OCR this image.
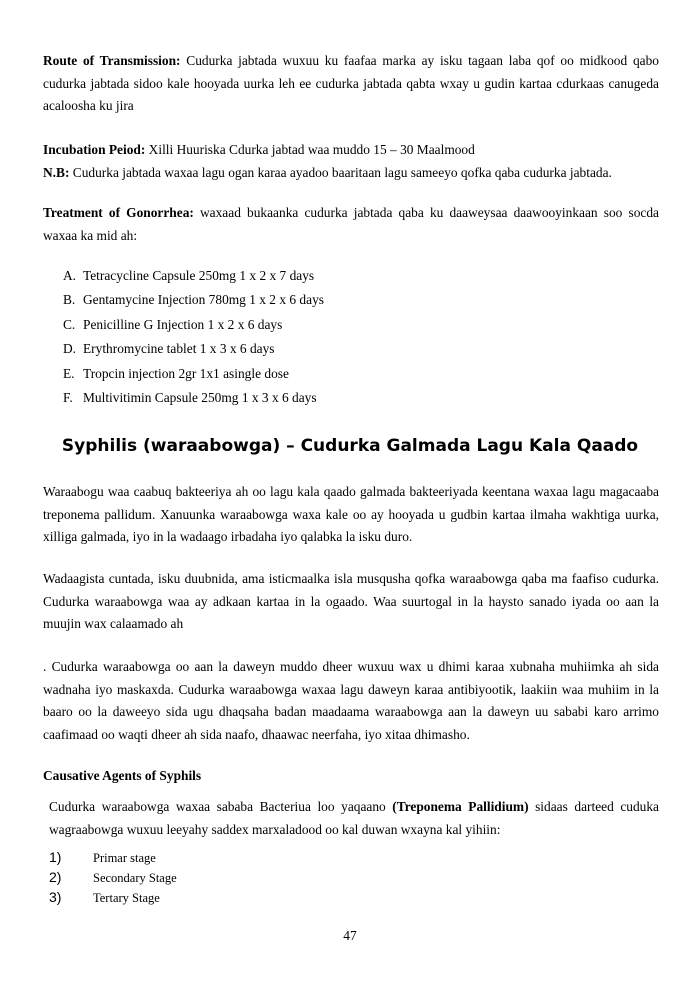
Route of Transmission: Cudurka jabtada wuxuu ku faafaa marka ay isku tagaan laba qof oo midkood qabo cudurka jabtada sidoo kale hooyada uurka leh ee cudurka jabtada qabta wxay u gudin kartaa cdurkaas canugeda acaloosha ku jira

Incubation Peiod: Xilli Huuriska Cdurka jabtad waa muddo 15 – 30 Maalmood

N.B: Cudurka jabtada waxaa lagu ogan karaa ayadoo baaritaan lagu sameeyo qofka qaba cudurka jabtada.

Treatment of Gonorrhea: waxaad bukaanka cudurka jabtada qaba ku daaweysaa daawooyinkaan soo socda waxaa ka mid ah:

A. Tetracycline Capsule 250mg 1 x 2 x 7 days
B. Gentamycine Injection 780mg 1 x 2 x 6 days
C. Penicilline G Injection 1 x 2 x 6 days
D. Erythromycine tablet 1 x 3 x 6 days
E. Tropcin injection 2gr 1x1 asingle dose
F. Multivitimin Capsule 250mg 1 x 3 x 6 days
Syphilis (waraabowga) – Cudurka Galmada Lagu Kala Qaado

Waraabogu waa caabuq bakteeriya ah oo lagu kala qaado galmada bakteeriyada keentana waxaa lagu magacaaba treponema pallidum. Xanuunka waraabowga waxa kale oo ay hooyada u gudbin kartaa ilmaha wakhtiga uurka, xilliga galmada, iyo in la wadaago irbadaha iyo qalabka la isku duro.

Wadaagista cuntada, isku duubnida, ama isticmaalka isla musqusha qofka waraabowga qaba ma faafiso cudurka. Cudurka waraabowga waa ay adkaan kartaa in la ogaado. Waa suurtogal in la haysto sanado iyada oo aan la muujin wax calaamado ah

. Cudurka waraabowga oo aan la daweyn muddo dheer wuxuu wax u dhimi karaa xubnaha muhiimka ah sida wadnaha iyo maskaxda. Cudurka waraabowga waxaa lagu daweyn karaa antibiyootik, laakiin waa muhiim in la baaro oo la daweeyo sida ugu dhaqsaha badan maadaama waraabowga aan la daweyn uu sababi karo arrimo caafimaad oo waqti dheer ah sida naafo, dhaawac neerfaha, iyo xitaa dhimasho.

Causative Agents of Syphils

Cudurka waraabowga waxaa sababa Bacteriua loo yaqaano (Treponema Pallidium) sidaas darteed cuduka wagraabowga wuxuu leeyahy saddex marxaladood oo kal duwan wxayna kal yihiin:

1)	Primar stage
2)	Secondary Stage
3)	Tertary Stage
47
